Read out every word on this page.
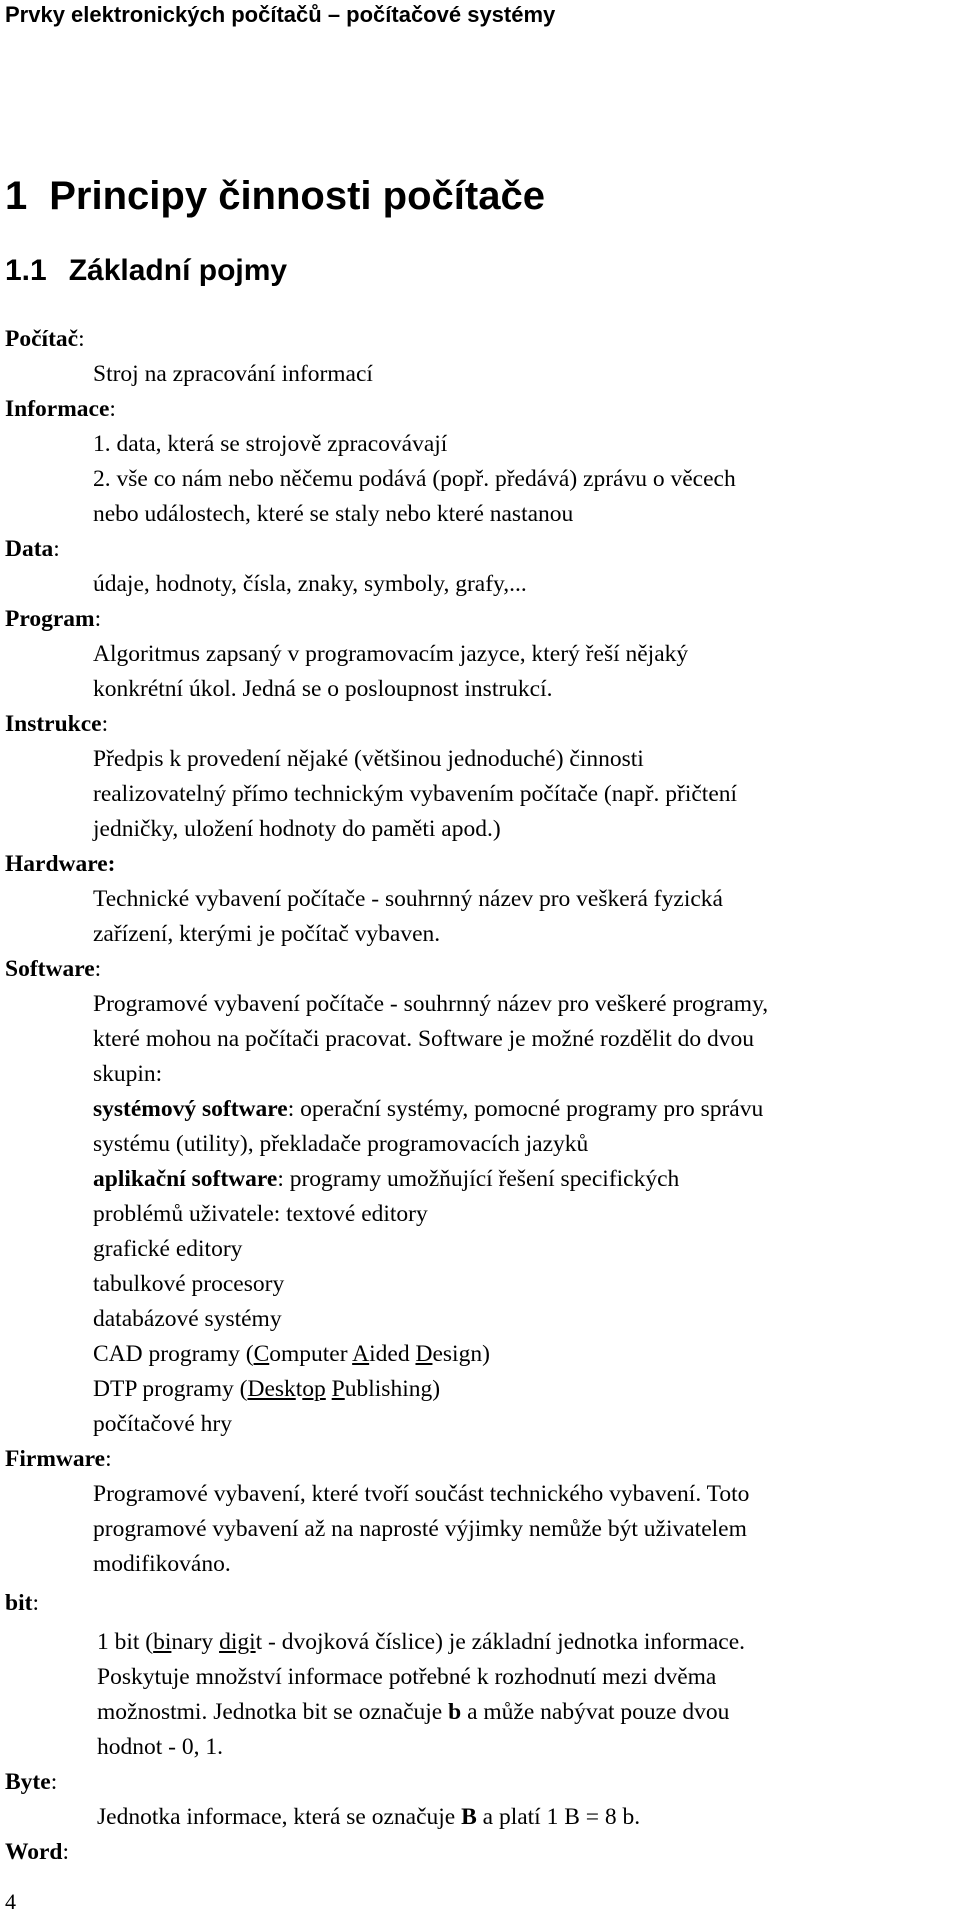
Prvky elektronických počítačů – počítačové systémy
1 Principy činnosti počítače
1.1 Základní pojmy
Počítač:
Stroj na zpracování informací
Informace:
1. data, která se strojově zpracovávají
2. vše co nám nebo něčemu podává (popř. předává) zprávu o věcech
nebo událostech, které se staly nebo které nastanou
Data:
údaje, hodnoty, čísla, znaky, symboly, grafy,...
Program:
Algoritmus zapsaný v programovacím jazyce, který řeší nějaký
konkrétní úkol. Jedná se o posloupnost instrukcí.
Instrukce:
Předpis k provedení nějaké (většinou jednoduché) činnosti
realizovatelný přímo technickým vybavením počítače (např. přičtení
jedničky, uložení hodnoty do paměti apod.)
Hardware:
Technické vybavení počítače - souhrnný název pro veškerá fyzická
zařízení, kterými je počítač vybaven.
Software:
Programové vybavení počítače - souhrnný název pro veškeré programy,
které mohou na počítači pracovat. Software je možné rozdělit do dvou
skupin:
systémový software: operační systémy, pomocné programy pro správu
systému (utility), překladače programovacích jazyků
aplikační software: programy umožňující řešení specifických
problémů uživatele: textové editory
grafické editory
tabulkové procesory
databázové systémy
CAD programy (Computer Aided Design)
DTP programy (Desktop Publishing)
počítačové hry
Firmware:
Programové vybavení, které tvoří součást technického vybavení. Toto
programové vybavení až na naprosté výjimky nemůže být uživatelem
modifikováno.
bit:
1 bit (binary digit - dvojková číslice) je základní jednotka informace.
Poskytuje množství informace potřebné k rozhodnutí mezi dvěma
možnostmi. Jednotka bit se označuje b a může nabývat pouze dvou
hodnot - 0, 1.
Byte:
Jednotka informace, která se označuje B a platí 1 B = 8 b.
Word:
4
